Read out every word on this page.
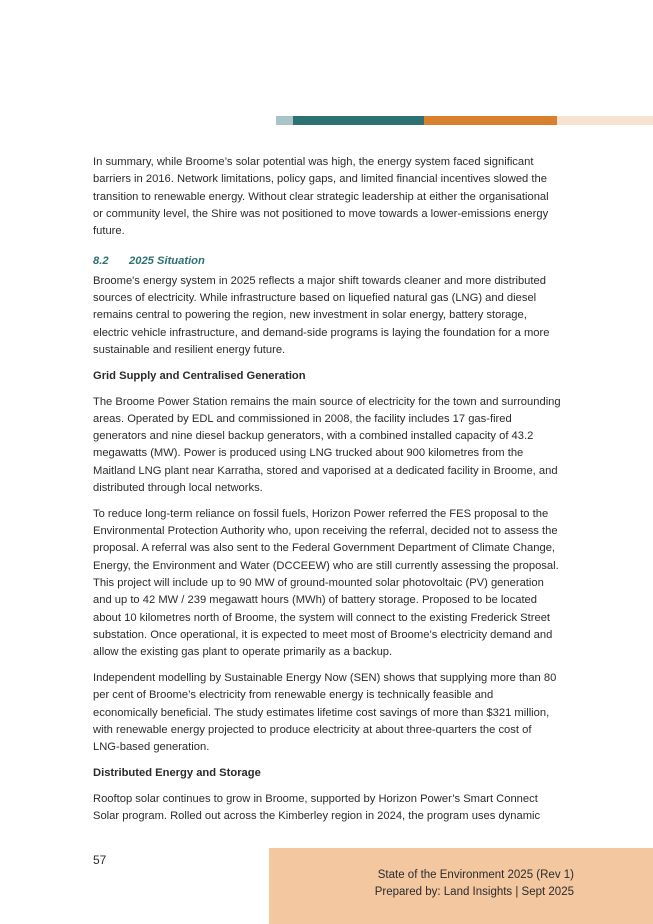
In summary, while Broome’s solar potential was high, the energy system faced significant barriers in 2016. Network limitations, policy gaps, and limited financial incentives slowed the transition to renewable energy. Without clear strategic leadership at either the organisational or community level, the Shire was not positioned to move towards a lower-emissions energy future.

8.2 2025 Situation

Broome's energy system in 2025 reflects a major shift towards cleaner and more distributed sources of electricity. While infrastructure based on liquefied natural gas (LNG) and diesel remains central to powering the region, new investment in solar energy, battery storage, electric vehicle infrastructure, and demand-side programs is laying the foundation for a more sustainable and resilient energy future.

Grid Supply and Centralised Generation

The Broome Power Station remains the main source of electricity for the town and surrounding areas. Operated by EDL and commissioned in 2008, the facility includes 17 gas-fired generators and nine diesel backup generators, with a combined installed capacity of 43.2 megawatts (MW). Power is produced using LNG trucked about 900 kilometres from the Maitland LNG plant near Karratha, stored and vaporised at a dedicated facility in Broome, and distributed through local networks.

To reduce long-term reliance on fossil fuels, Horizon Power referred the FES proposal to the Environmental Protection Authority who, upon receiving the referral, decided not to assess the proposal. A referral was also sent to the Federal Government Department of Climate Change, Energy, the Environment and Water (DCCEEW) who are still currently assessing the proposal. This project will include up to 90 MW of ground-mounted solar photovoltaic (PV) generation and up to 42 MW / 239 megawatt hours (MWh) of battery storage. Proposed to be located about 10 kilometres north of Broome, the system will connect to the existing Frederick Street substation. Once operational, it is expected to meet most of Broome’s electricity demand and allow the existing gas plant to operate primarily as a backup.

Independent modelling by Sustainable Energy Now (SEN) shows that supplying more than 80 per cent of Broome’s electricity from renewable energy is technically feasible and economically beneficial. The study estimates lifetime cost savings of more than $321 million, with renewable energy projected to produce electricity at about three-quarters the cost of LNG-based generation.

Distributed Energy and Storage

Rooftop solar continues to grow in Broome, supported by Horizon Power’s Smart Connect Solar program. Rolled out across the Kimberley region in 2024, the program uses dynamic

57
State of the Environment 2025 (Rev 1)
Prepared by: Land Insights | Sept 2025
